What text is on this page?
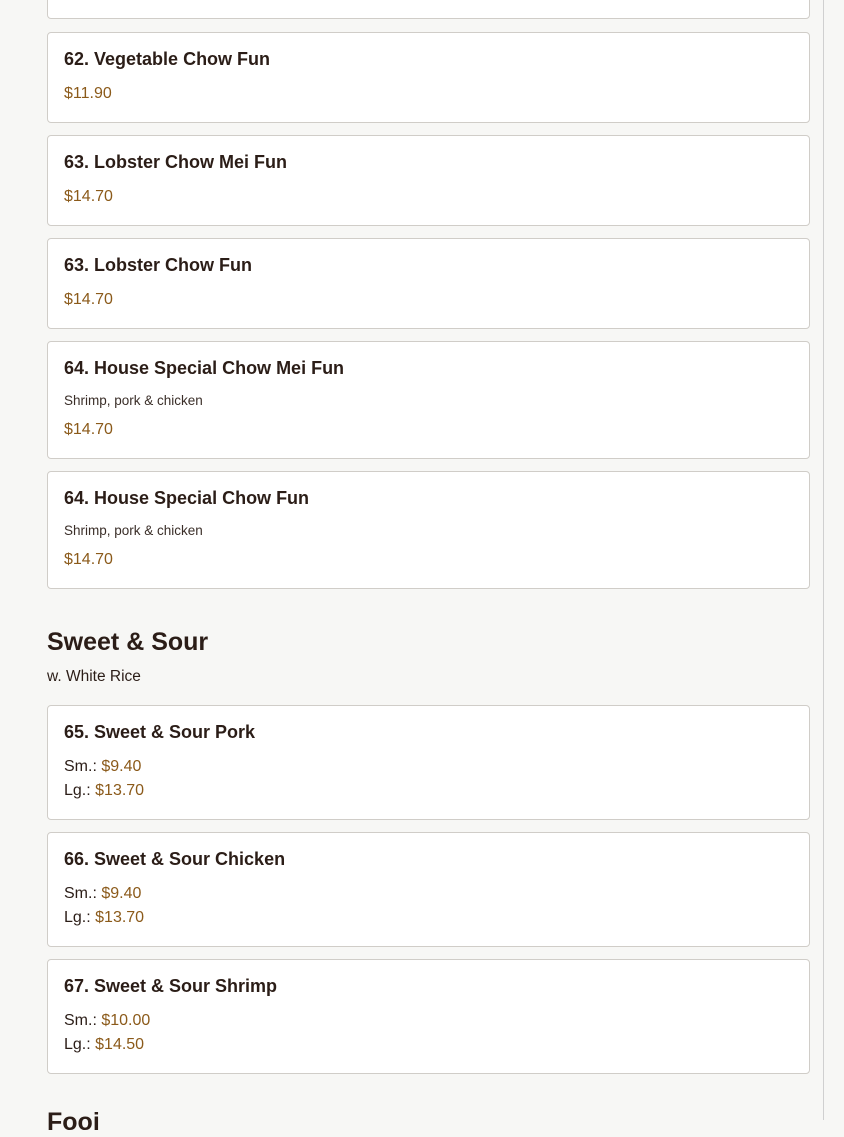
62. Vegetable Chow Fun
$11.90
63. Lobster Chow Mei Fun
$14.70
63. Lobster Chow Fun
$14.70
64. House Special Chow Mei Fun
Shrimp, pork & chicken
$14.70
64. House Special Chow Fun
Shrimp, pork & chicken
$14.70
Sweet & Sour
w. White Rice
65. Sweet & Sour Pork
Sm.: $9.40
Lg.: $13.70
66. Sweet & Sour Chicken
Sm.: $9.40
Lg.: $13.70
67. Sweet & Sour Shrimp
Sm.: $10.00
Lg.: $14.50
Fooi
